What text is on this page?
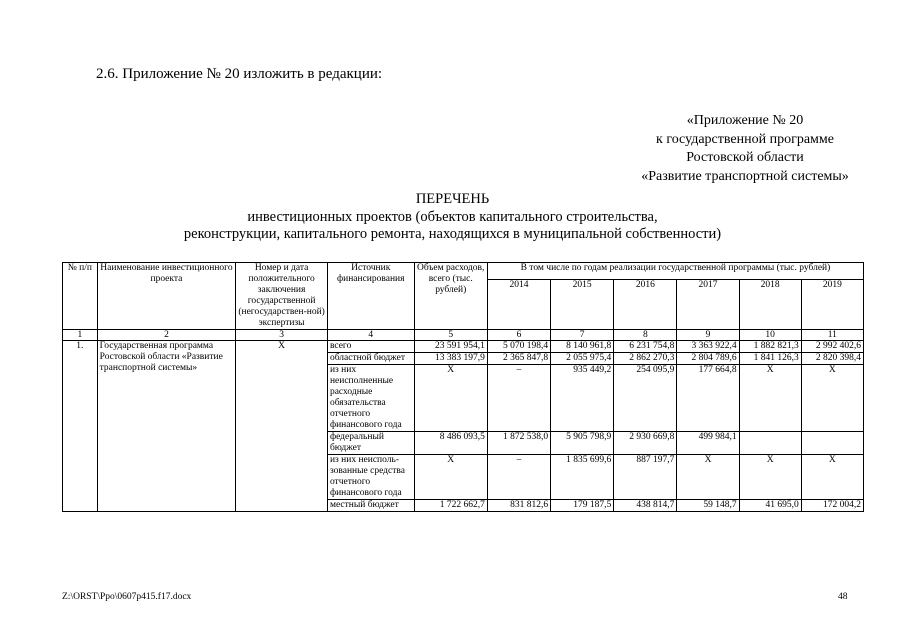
2.6. Приложение № 20 изложить в редакции:
«Приложение № 20
к государственной программе
Ростовской области
«Развитие транспортной системы»
ПЕРЕЧЕНЬ
инвестиционных проектов (объектов капитального строительства,
реконструкции, капитального ремонта, находящихся в муниципальной собственности)
№ п/п	Наименование инвестиционного проекта	Номер и дата положительного заключения государственной (негосударствен-ной) экспертизы	Источник финансирования	Объем расходов, всего (тыс. рублей)	В том числе по годам реализации государственной программы (тыс. рублей)					
					2014	2015	2016	2017	2018	2019
1	2	3	4	5	6	7	8	9	10	11
1.	Государственная программа Ростовской области «Развитие транспортной системы»	Х	всего	23 591 954,1	5 070 198,4	8 140 961,8	6 231 754,8	3 363 922,4	1 882 821,3	2 992 402,6
			областной бюджет	13 383 197,9	2 365 847,8	2 055 975,4	2 862 270,3	2 804 789,6	1 841 126,3	2 820 398,4
			из них неисполненные расходные обязательства отчетного финансового года	Х	–	935 449,2	254 095,9	177 664,8	Х	Х
			федеральный бюджет	8 486 093,5	1 872 538,0	5 905 798,9	2 930 669,8	499 984,1		
			из них неисполь-зованные средства отчетного финансового года	Х	–	1 835 699,6	887 197,7	Х	Х	Х
			местный бюджет	1 722 662,7	831 812,6	179 187,5	438 814,7	59 148,7	41 695,0	172 004,2
Z:\ORST\Ppo\0607p415.f17.docx	48
